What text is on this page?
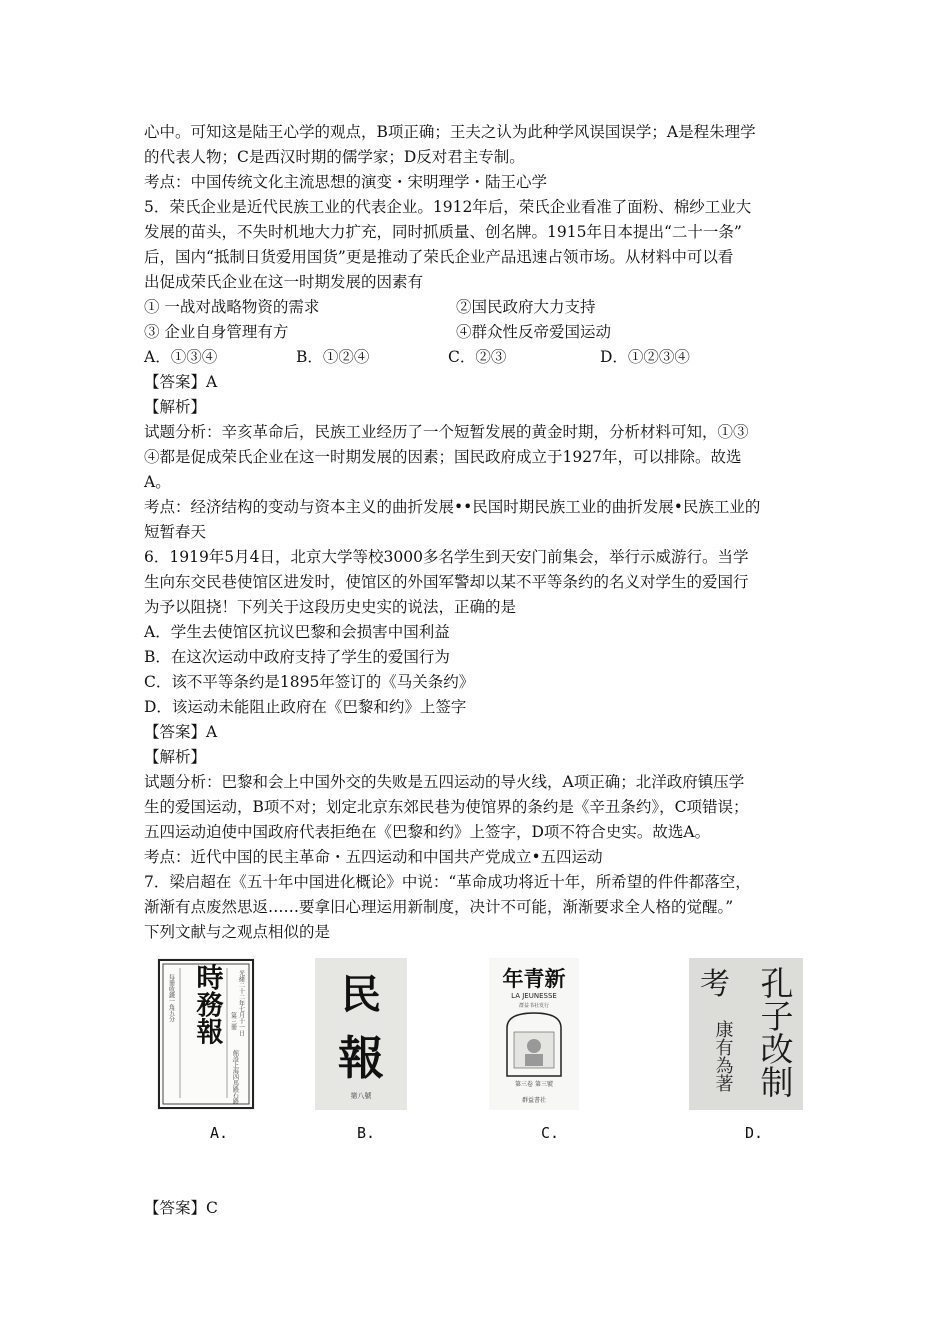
心中。可知这是陆王心学的观点，B项正确；王夫之认为此种学风误国误学；A是程朱理学
的代表人物；C是西汉时期的儒学家；D反对君主专制。
考点：中国传统文化主流思想的演变・宋明理学・陆王心学
5．荣氏企业是近代民族工业的代表企业。1912年后，荣氏企业看准了面粉、棉纱工业大
发展的苗头，不失时机地大力扩充，同时抓质量、创名牌。1915年日本提出“二十一条”
后，国内“抵制日货爱用国货”更是推动了荣氏企业产品迅速占领市场。从材料中可以看
出促成荣氏企业在这一时期发展的因素有
① 一战对战略物资的需求	②国民政府大力支持
③ 企业自身管理有方	④群众性反帝爱国运动
A．①③④	B．①②④	C．②③	D．①②③④
【答案】A
【解析】
试题分析：辛亥革命后，民族工业经历了一个短暂发展的黄金时期，分析材料可知，①③
④都是促成荣氏企业在这一时期发展的因素；国民政府成立于1927年，可以排除。故选
A。
考点：经济结构的变动与资本主义的曲折发展••民国时期民族工业的曲折发展•民族工业的
短暂春天
6．1919年5月4日，北京大学等校3000多名学生到天安门前集会，举行示威游行。当学
生向东交民巷使馆区进发时，使馆区的外国军警却以某不平等条约的名义对学生的爱国行
为予以阻挠！下列关于这段历史史实的说法，正确的是
A．学生去使馆区抗议巴黎和会损害中国利益
B．在这次运动中政府支持了学生的爱国行为
C．该不平等条约是1895年签订的《马关条约》
D．该运动未能阻止政府在《巴黎和约》上签字
【答案】A
【解析】
试题分析：巴黎和会上中国外交的失败是五四运动的导火线，A项正确；北洋政府镇压学
生的爱国运动，B项不对；划定北京东郊民巷为使馆界的条约是《辛丑条约》，C项错误；
五四运动迫使中国政府代表拒绝在《巴黎和约》上签字，D项不符合史实。故选A。
考点：近代中国的民主革命・五四运动和中国共产党成立•五四运动
7．梁启超在《五十年中国进化概论》中说：“革命成功将近十年，所希望的件件都落空，
渐渐有点废然思返……要拿旧心理运用新制度，决计不可能，渐渐要求全人格的觉醒。”
下列文献与之观点相似的是
時務報	光緒二十二年七月十一日
第三冊
館設上海四馬路石路
每冊收錢一角五分	民
報
第八號
年青新
LA JEUNESSE
群益书社发行
第三卷 第三號
群益書社
孔子改制
考
康有為著
A.	B.	C.	D.
【答案】C
